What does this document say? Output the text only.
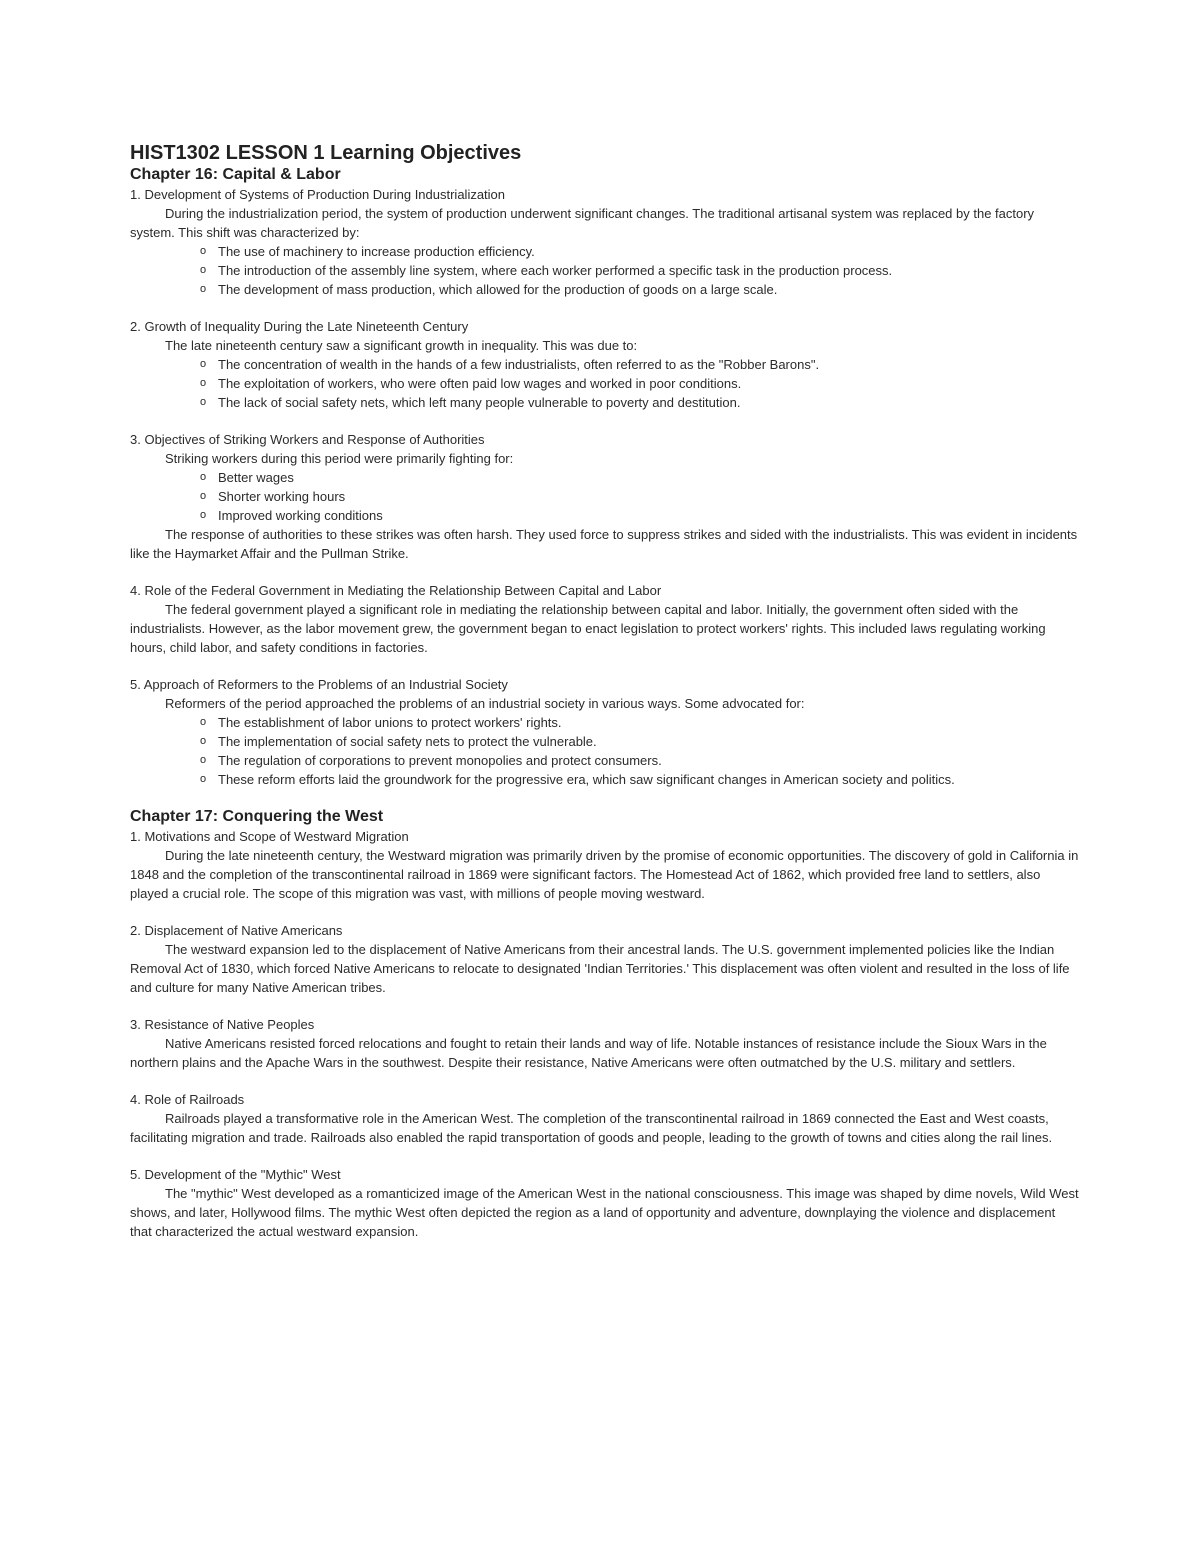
HIST1302 LESSON 1 Learning Objectives
Chapter 16: Capital & Labor

1. Development of Systems of Production During Industrialization

During the industrialization period, the system of production underwent significant changes. The traditional artisanal system was replaced by the factory system. This shift was characterized by:

o The use of machinery to increase production efficiency.
o The introduction of the assembly line system, where each worker performed a specific task in the production process.
o The development of mass production, which allowed for the production of goods on a large scale.

2. Growth of Inequality During the Late Nineteenth Century

The late nineteenth century saw a significant growth in inequality. This was due to:

o The concentration of wealth in the hands of a few industrialists, often referred to as the "Robber Barons".
o The exploitation of workers, who were often paid low wages and worked in poor conditions.
o The lack of social safety nets, which left many people vulnerable to poverty and destitution.

3. Objectives of Striking Workers and Response of Authorities

Striking workers during this period were primarily fighting for:

o Better wages
o Shorter working hours
o Improved working conditions

The response of authorities to these strikes was often harsh. They used force to suppress strikes and sided with the industrialists. This was evident in incidents like the Haymarket Affair and the Pullman Strike.

4. Role of the Federal Government in Mediating the Relationship Between Capital and Labor

The federal government played a significant role in mediating the relationship between capital and labor. Initially, the government often sided with the industrialists. However, as the labor movement grew, the government began to enact legislation to protect workers' rights. This included laws regulating working hours, child labor, and safety conditions in factories.

5. Approach of Reformers to the Problems of an Industrial Society

Reformers of the period approached the problems of an industrial society in various ways. Some advocated for:

o The establishment of labor unions to protect workers' rights.
o The implementation of social safety nets to protect the vulnerable.
o The regulation of corporations to prevent monopolies and protect consumers.
o These reform efforts laid the groundwork for the progressive era, which saw significant changes in American society and politics.
Chapter 17: Conquering the West

1. Motivations and Scope of Westward Migration

During the late nineteenth century, the Westward migration was primarily driven by the promise of economic opportunities. The discovery of gold in California in 1848 and the completion of the transcontinental railroad in 1869 were significant factors. The Homestead Act of 1862, which provided free land to settlers, also played a crucial role. The scope of this migration was vast, with millions of people moving westward.

2. Displacement of Native Americans

The westward expansion led to the displacement of Native Americans from their ancestral lands. The U.S. government implemented policies like the Indian Removal Act of 1830, which forced Native Americans to relocate to designated 'Indian Territories.' This displacement was often violent and resulted in the loss of life and culture for many Native American tribes.

3. Resistance of Native Peoples

Native Americans resisted forced relocations and fought to retain their lands and way of life. Notable instances of resistance include the Sioux Wars in the northern plains and the Apache Wars in the southwest. Despite their resistance, Native Americans were often outmatched by the U.S. military and settlers.

4. Role of Railroads

Railroads played a transformative role in the American West. The completion of the transcontinental railroad in 1869 connected the East and West coasts, facilitating migration and trade. Railroads also enabled the rapid transportation of goods and people, leading to the growth of towns and cities along the rail lines.

5. Development of the "Mythic" West

The "mythic" West developed as a romanticized image of the American West in the national consciousness. This image was shaped by dime novels, Wild West shows, and later, Hollywood films. The mythic West often depicted the region as a land of opportunity and adventure, downplaying the violence and displacement that characterized the actual westward expansion.
